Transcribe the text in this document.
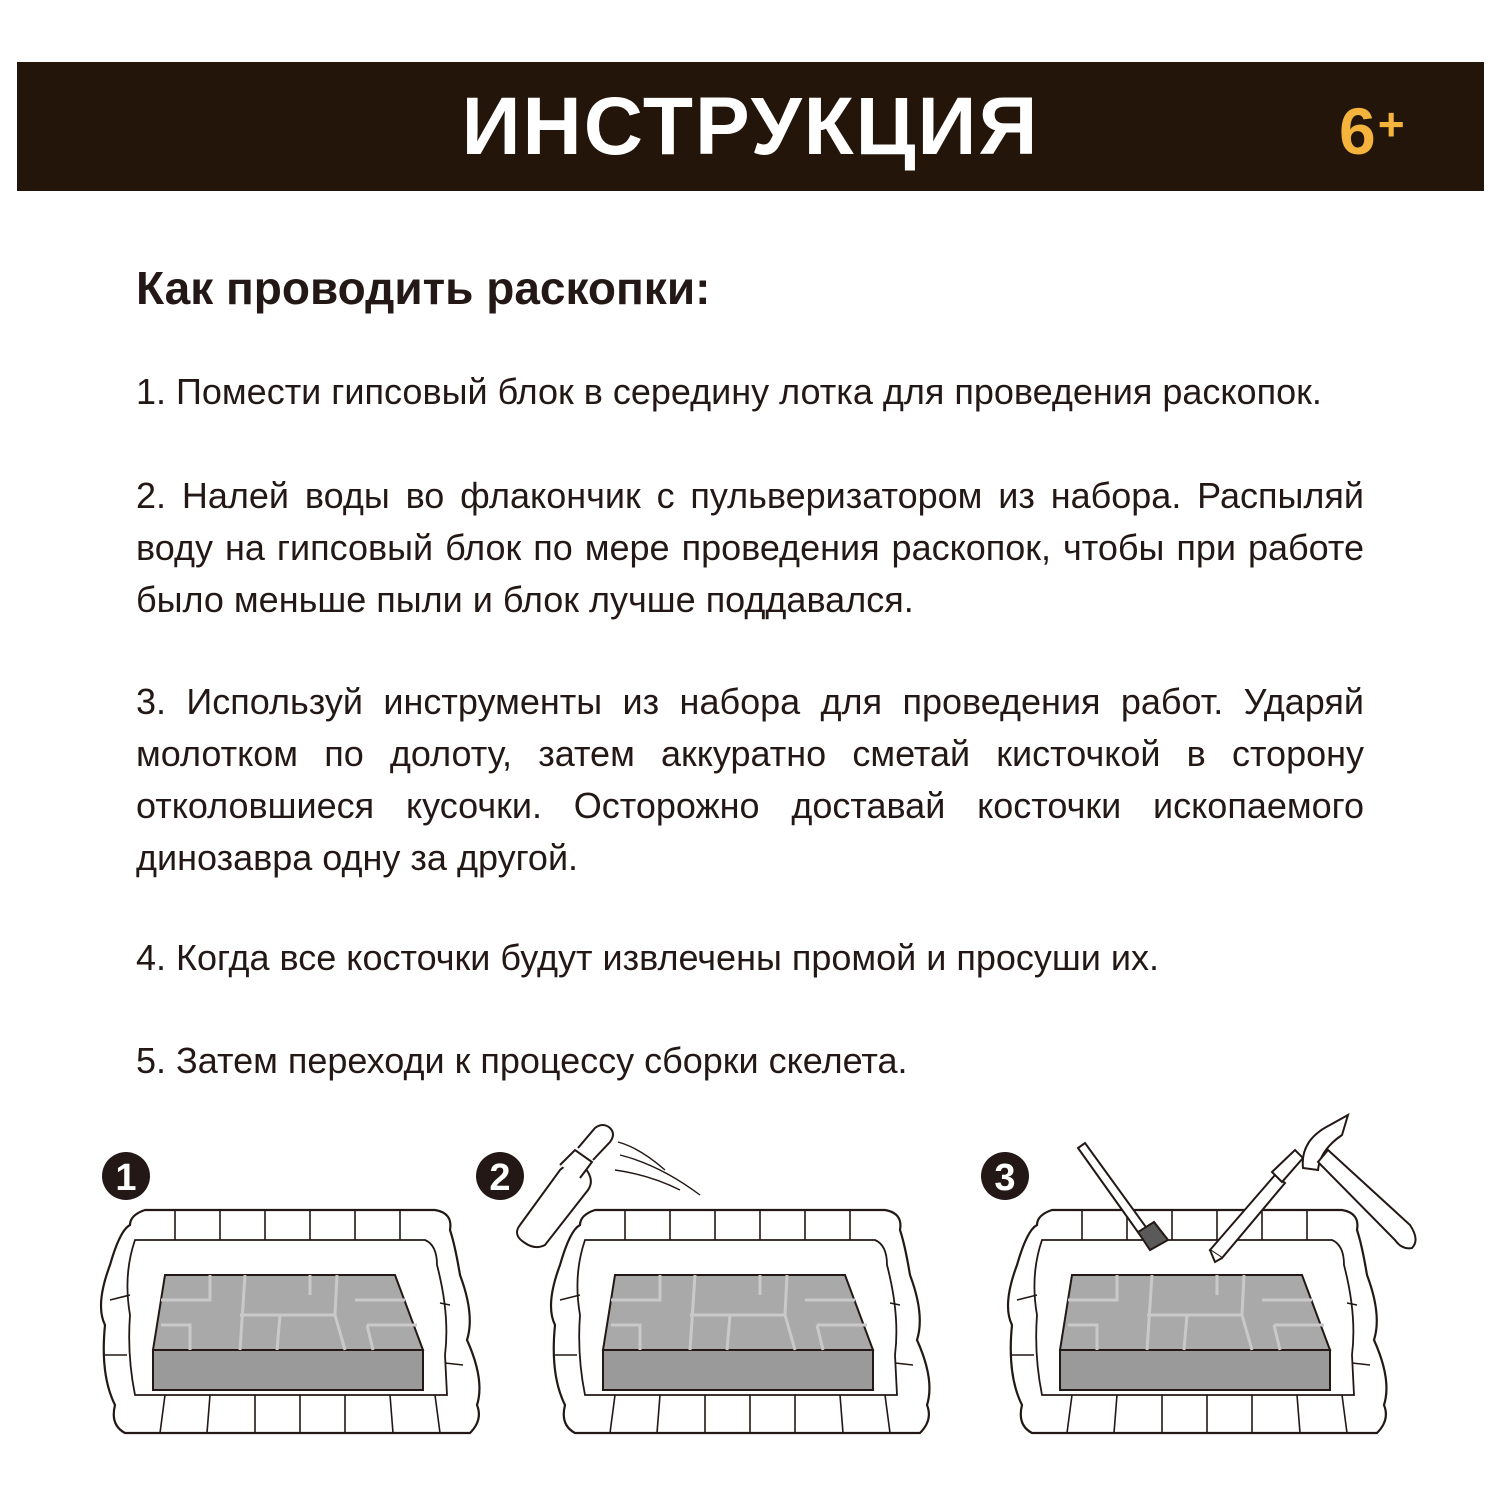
ИНСТРУКЦИЯ	6+
Как проводить раскопки:

1. Помести гипсовый блок в середину лотка для проведения раскопок.

2. Налей воды во флакончик с пульверизатором из набора. Распыляй воду на гипсовый блок по мере проведения раскопок, чтобы при работе было меньше пыли и блок лучше поддавался.

3. Используй инструменты из набора для проведения работ. Ударяй молотком по долоту, затем аккуратно сметай кисточкой в сторону отколовшиеся кусочки. Осторожно доставай косточки ископаемого динозавра одну за другой.

4. Когда все косточки будут извлечены промой и просуши их.

5. Затем переходи к процессу сборки скелета.

1	2	3
